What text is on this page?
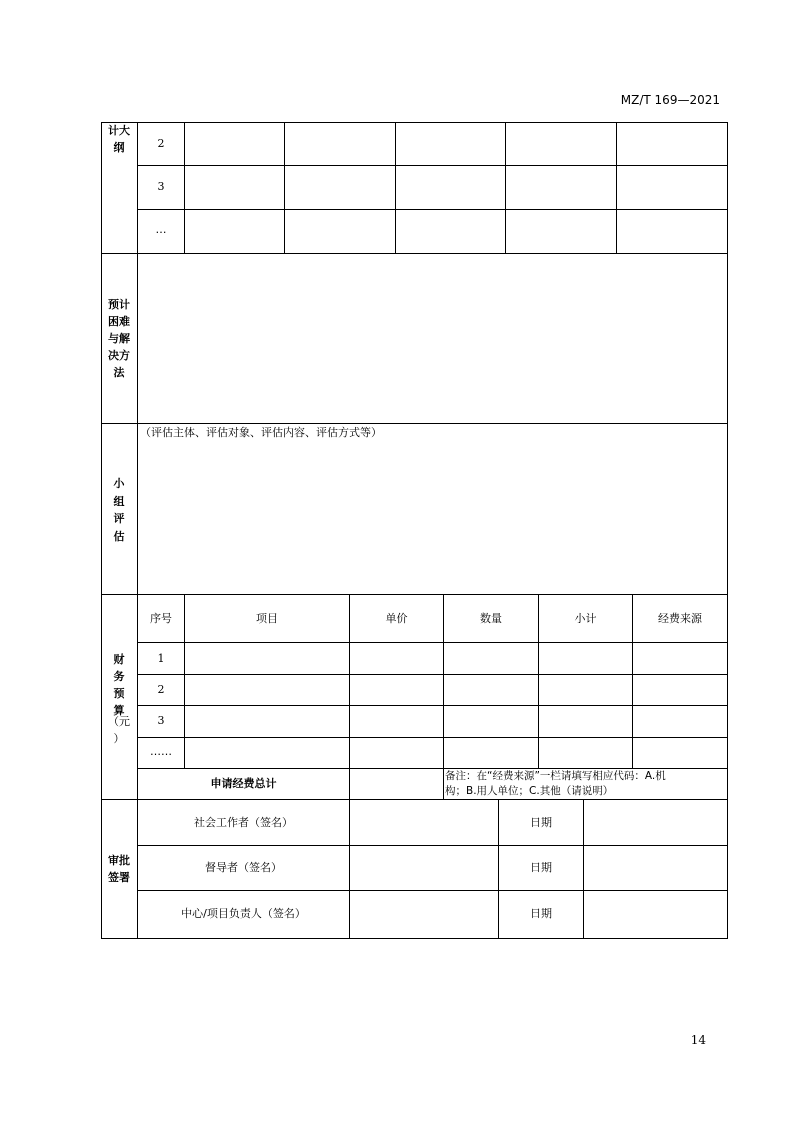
MZ/T 169—2021
计大
纲	2
3
…
预计
困难
与解
决方
法
小
组
评
估
（评估主体、评估对象、评估内容、评估方式等）
财
务
预
算
（元
）
序号	项目	单价	数量	小计	经费来源
1
2
3
……
申请经费总计
备注：在“经费来源”一栏请填写相应代码：A.机
构；B.用人单位；C.其他（请说明）
审批
签署
社会工作者（签名）	日期
督导者（签名）	日期
中心/项目负责人（签名）	日期
14
